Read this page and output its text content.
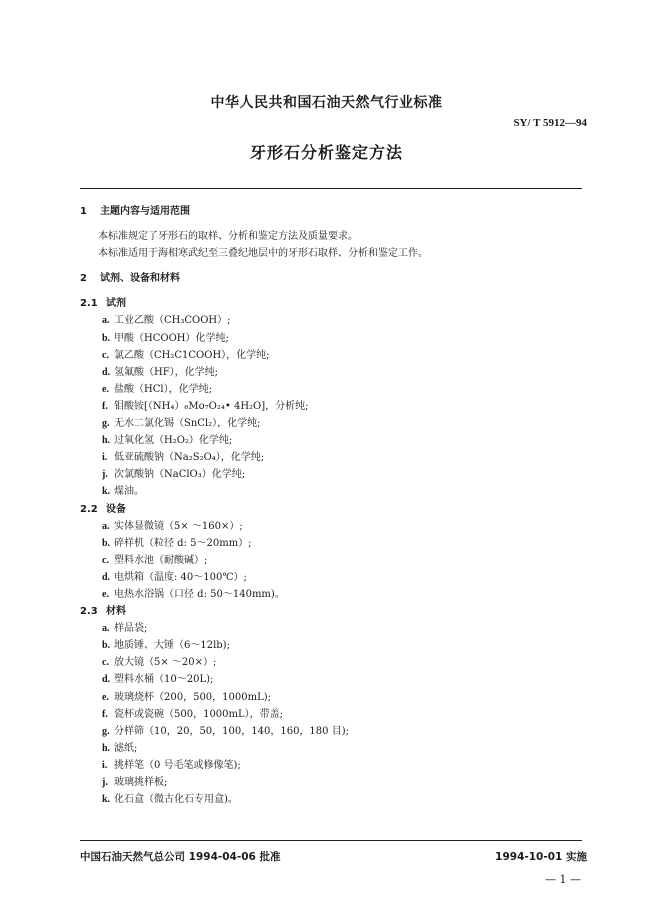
中华人民共和国石油天然气行业标准
SY/ T 5912—94
牙形石分析鉴定方法
1 主题内容与适用范围
本标准规定了牙形石的取样、分析和鉴定方法及质量要求。
本标准适用于海相寒武纪至三叠纪地层中的牙形石取样、分析和鉴定工作。
2 试剂、设备和材料
2.1 试剂
a. 工业乙酸（CH₃COOH）;
b. 甲酸（HCOOH）化学纯;
c. 氯乙酸（CH₂C1COOH），化学纯;
d. 氢氟酸（HF），化学纯;
e. 盐酸（HCl），化学纯;
f. 钼酸铵[（NH₄）₆Mo₇O₂₄• 4H₂O]，分析纯;
g. 无水二氯化锡（SnCl₂），化学纯;
h. 过氧化氢（H₂O₂）化学纯;
i. 低亚硫酸钠（Na₂S₂O₄），化学纯;
j. 次氯酸钠（NaClO₃）化学纯;
k. 煤油。
2.2 设备
a. 实体显微镜（5× ～160×）;
b. 碎样机（粒径 d: 5～20mm）;
c. 塑料水池（耐酸碱）;
d. 电烘箱（温度: 40～100℃）;
e. 电热水浴锅（口径 d: 50～140mm)。
2.3 材料
a. 样品袋;
b. 地质锤、大锤（6～12lb);
c. 放大镜（5× ～20×）;
d. 塑料水桶（10～20L);
e. 玻璃烧杯（200，500，1000mL);
f. 瓷杯或瓷碗（500，1000mL），带盖;
g. 分样筛（10，20，50，100，140，160，180 目);
h. 滤纸;
i. 挑样笔（0 号毛笔或修像笔);
j. 玻璃挑样板;
k. 化石盒（微古化石专用盒)。
中国石油天然气总公司 1994-04-06 批准	1994-10-01 实施
— 1 —
